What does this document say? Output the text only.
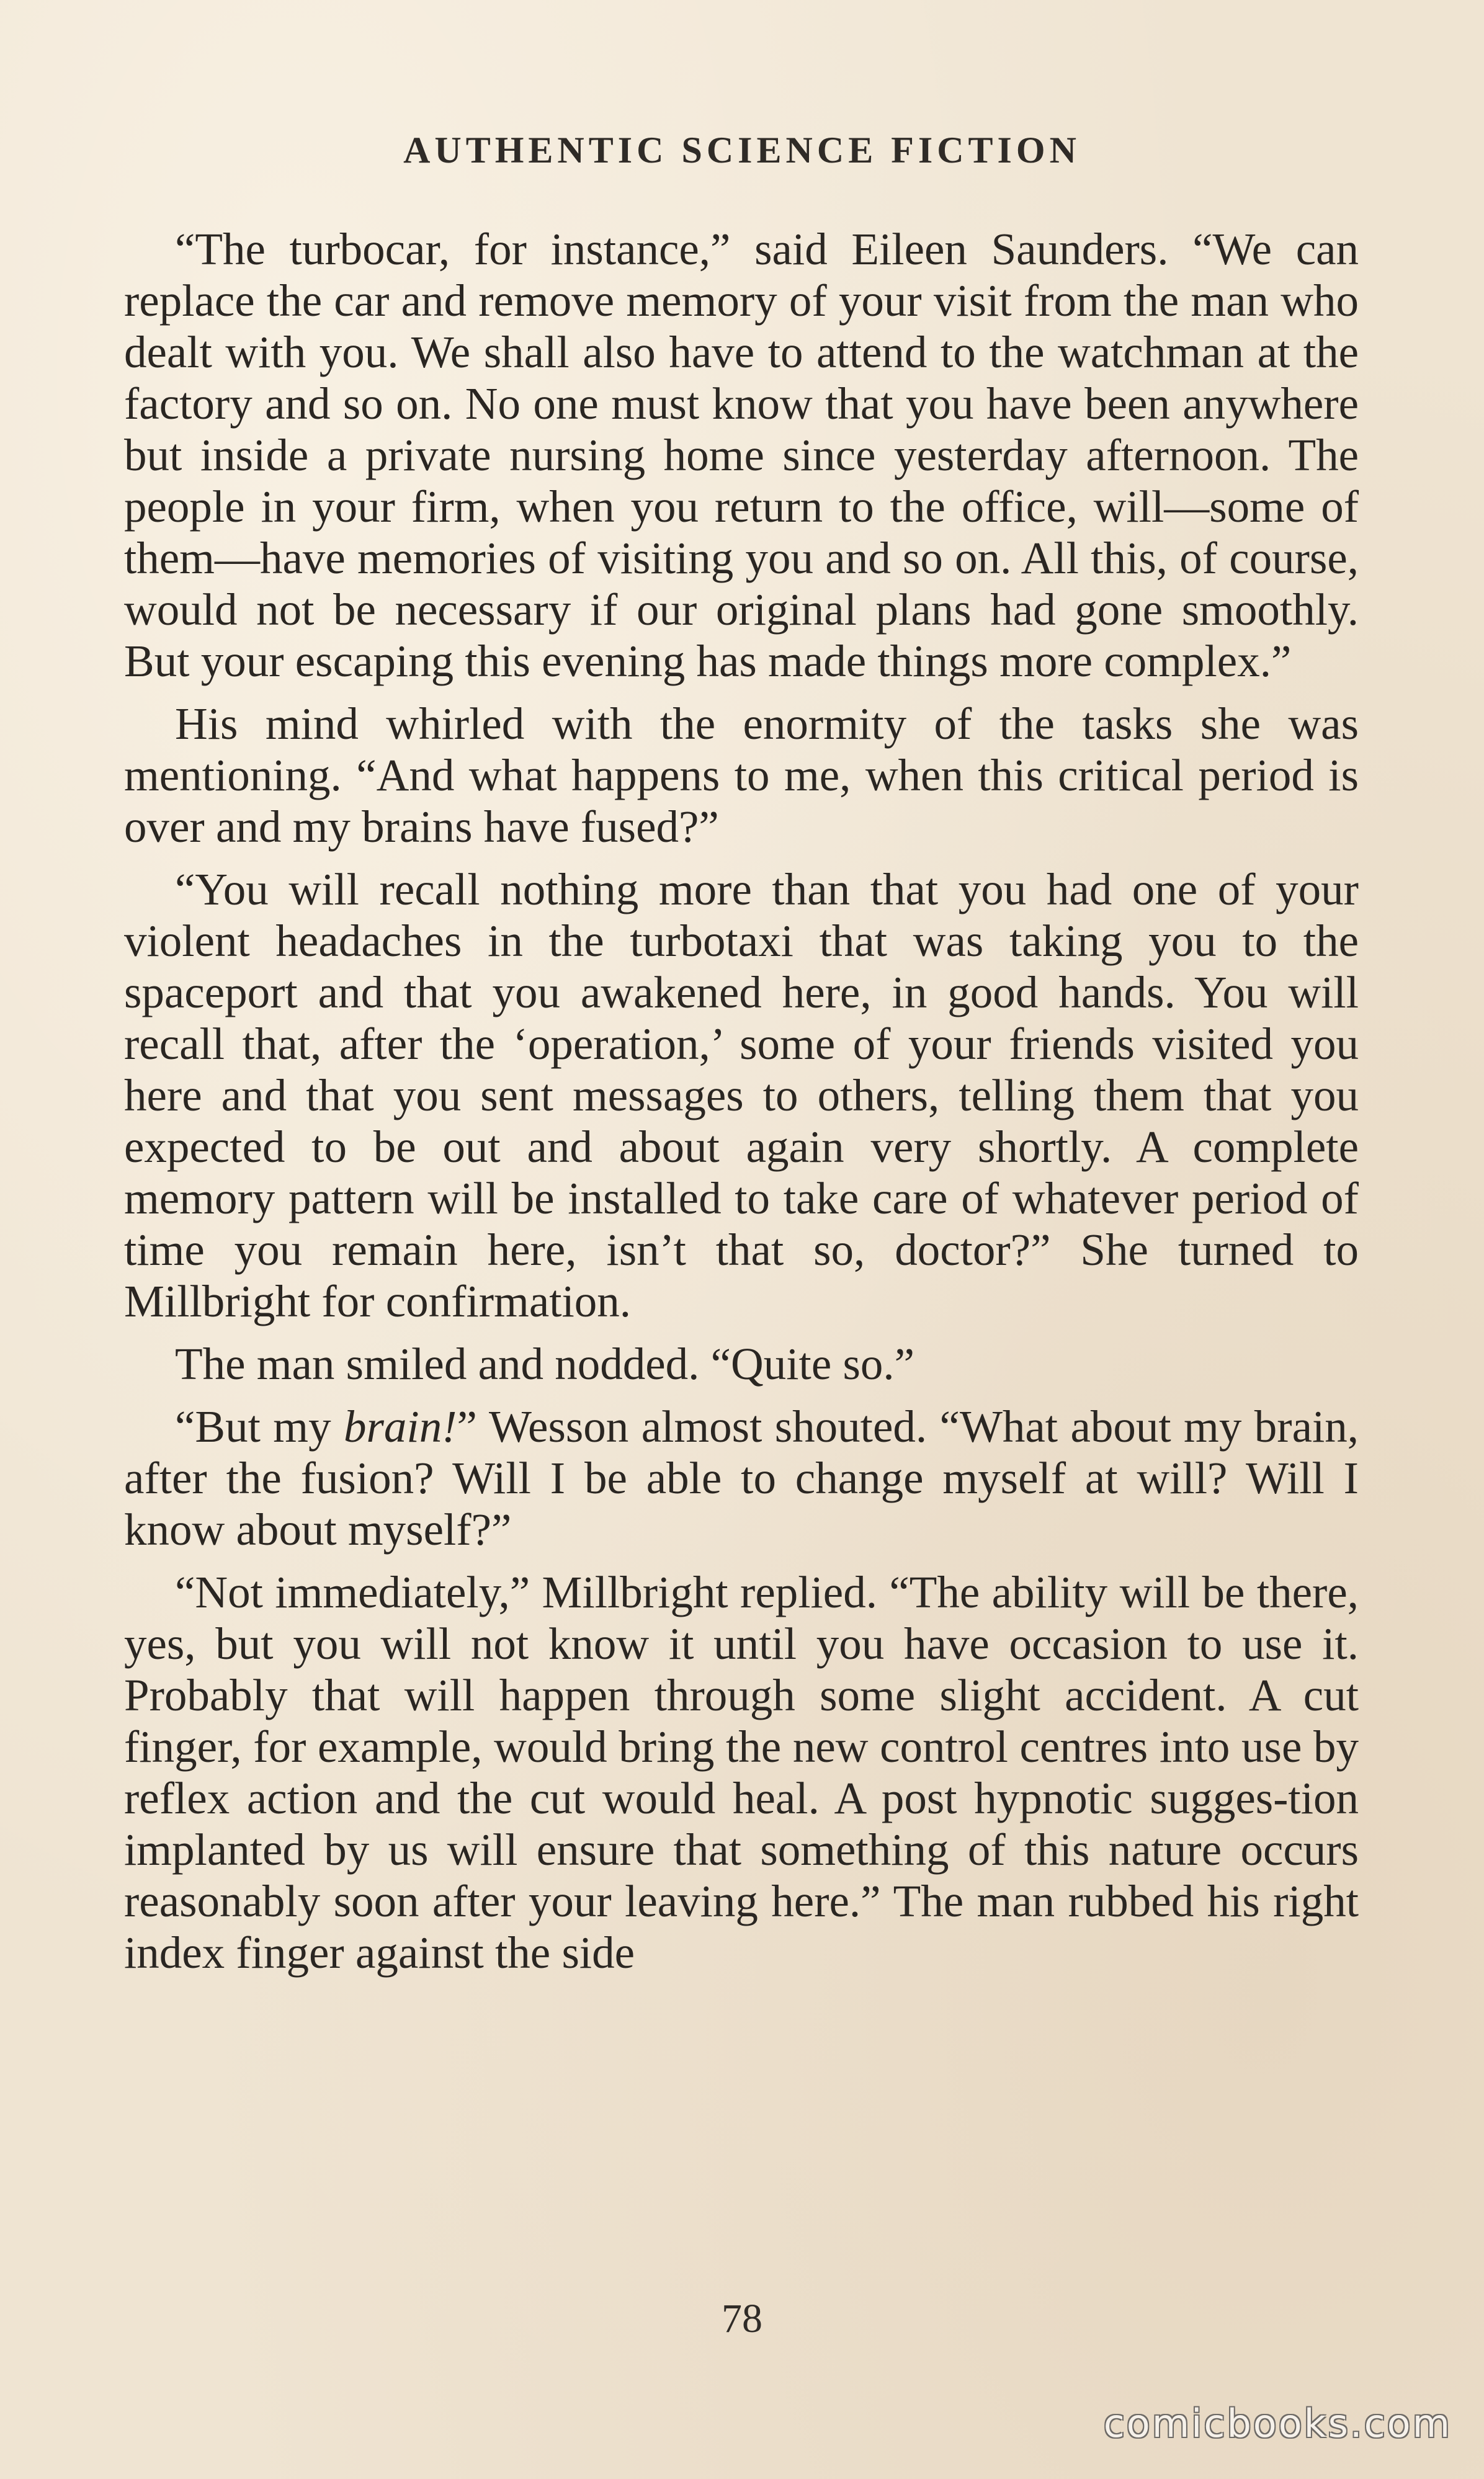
AUTHENTIC SCIENCE FICTION

“The turbocar, for instance,” said Eileen Saunders. “We can replace the car and remove memory of your visit from the man who dealt with you. We shall also have to attend to the watchman at the factory and so on. No one must know that you have been anywhere but inside a private nursing home since yesterday afternoon. The people in your firm, when you return to the office, will—some of them—have memories of visiting you and so on. All this, of course, would not be necessary if our original plans had gone smoothly. But your escaping this evening has made things more complex.”

His mind whirled with the enormity of the tasks she was mentioning. “And what happens to me, when this critical period is over and my brains have fused?”

“You will recall nothing more than that you had one of your violent headaches in the turbotaxi that was taking you to the spaceport and that you awakened here, in good hands. You will recall that, after the ‘operation,’ some of your friends visited you here and that you sent messages to others, telling them that you expected to be out and about again very shortly. A complete memory pattern will be installed to take care of whatever period of time you remain here, isn’t that so, doctor?” She turned to Millbright for confirmation.

The man smiled and nodded. “Quite so.”

“But my brain!” Wesson almost shouted. “What about my brain, after the fusion? Will I be able to change myself at will? Will I know about myself?”

“Not immediately,” Millbright replied. “The ability will be there, yes, but you will not know it until you have occasion to use it. Probably that will happen through some slight accident. A cut finger, for example, would bring the new control centres into use by reflex action and the cut would heal. A post hypnotic sugges-tion implanted by us will ensure that something of this nature occurs reasonably soon after your leaving here.” The man rubbed his right index finger against the side

78
comicbooks.com
